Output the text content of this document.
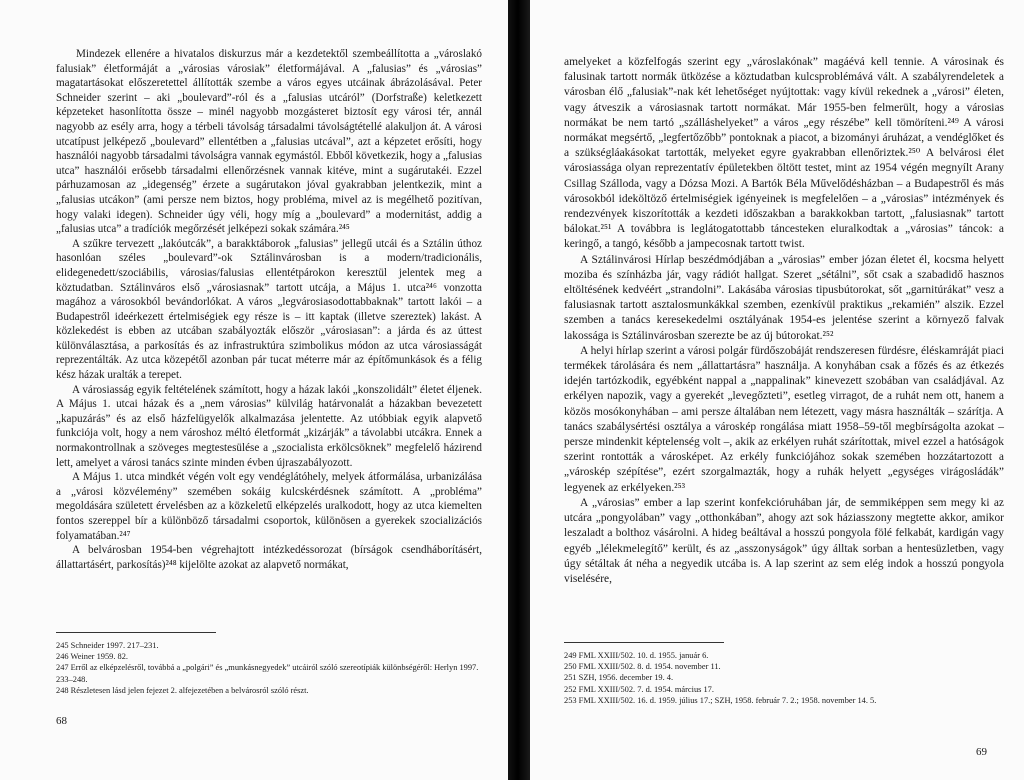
Mindezek ellenére a hivatalos diskurzus már a kezdetektől szembeállította a „városlakó falusiak” életformáját a „városias városiak” életformájával. A „falusias” és „városias” magatartásokat előszeretettel állították szembe a város egyes utcáinak ábrázolásával. Peter Schneider szerint – aki „boulevard”-ról és a „falusias utcáról” (Dorfstraße) keletkezett képzeteket hasonlította össze – minél nagyobb mozgásteret biztosít egy városi tér, annál nagyobb az esély arra, hogy a térbeli távolság társadalmi távolságtétellé alakuljon át. A városi utcatípust jelképező „boulevard” ellentétben a „falusias utcával”, azt a képzetet erősíti, hogy használói nagyobb társadalmi távolságra vannak egymástól. Ebből következik, hogy a „falusias utca” használói erősebb társadalmi ellenőrzésnek vannak kitéve, mint a sugárutakéi. Ezzel párhuzamosan az „idegenség” érzete a sugárutakon jóval gyakrabban jelentkezik, mint a „falusias utcákon” (ami persze nem biztos, hogy probléma, mivel az is megélhető pozitívan, hogy valaki idegen). Schneider úgy véli, hogy míg a „boulevard” a modernitást, addig a „falusias utca” a tradíciók megőrzését jelképezi sokak számára.²⁴⁵

A szűkre tervezett „lakóutcák”, a barakktáborok „falusias” jellegű utcái és a Sztálin úthoz hasonlóan széles „boulevard”-ok Sztálinvárosban is a modern/tradicionális, elidegenedett/szociábilis, városias/falusias ellentétpárokon keresztül jelentek meg a köztudatban. Sztálinváros első „városiasnak” tartott utcája, a Május 1. utca²⁴⁶ vonzotta magához a városokból bevándorlókat. A város „legvárosiasodottabbaknak” tartott lakói – a Budapestről ideérkezett értelmiségiek egy része is – itt kaptak (illetve szereztek) lakást. A közlekedést is ebben az utcában szabályozták először „városiasan”: a járda és az úttest különválasztása, a parkosítás és az infrastruktúra szimbolikus módon az utca városiasságát reprezentálták. Az utca közepétől azonban pár tucat méterre már az építőmunkások és a félig kész házak uralták a terepet.

A városiasság egyik feltételének számított, hogy a házak lakói „konszolidált” életet éljenek. A Május 1. utcai házak és a „nem városias” külvilág határvonalát a házakban bevezetett „kapuzárás” és az első házfelügyelők alkalmazása jelentette. Az utóbbiak egyik alapvető funkciója volt, hogy a nem városhoz méltó életformát „kizárják” a távolabbi utcákra. Ennek a normakontrollnak a szöveges megtestesülése a „szocialista erkölcsöknek” megfelelő házirend lett, amelyet a városi tanács szinte minden évben újraszabályozott.

A Május 1. utca mindkét végén volt egy vendéglátóhely, melyek átformálása, urbanizálása a „városi közvélemény” szemében sokáig kulcskérdésnek számított. A „probléma” megoldására született érvelésben az a közkeletű elképzelés uralkodott, hogy az utca kiemelten fontos szereppel bír a különböző társadalmi csoportok, különösen a gyerekek szocializációs folyamatában.²⁴⁷

A belvárosban 1954-ben végrehajtott intézkedéssorozat (bírságok csendháborításért, állattartásért, parkosítás)²⁴⁸ kijelölte azokat az alapvető normákat,

245 Schneider 1997. 217–231.
246 Weiner 1959. 82.
247 Erről az elképzelésről, továbbá a „polgári” és „munkásnegyedek” utcáiról szóló szereotípiák különbségéről: Herlyn 1997. 233–248.
248 Részletesen lásd jelen fejezet 2. alfejezetében a belvárosról szóló részt.
68

amelyeket a közfelfogás szerint egy „városlakónak” magáévá kell tennie. A városinak és falusinak tartott normák ütközése a köztudatban kulcsproblémává vált. A szabályrendeletek a városban élő „falusiak”-nak két lehetőséget nyújtottak: vagy kívül rekednek a „városi” életen, vagy átveszik a városiasnak tartott normákat. Már 1955-ben felmerült, hogy a városias normákat be nem tartó „szálláshelyeket” a város „egy részébe” kell tömöríteni.²⁴⁹ A városi normákat megsértő, „legfertőzőbb” pontoknak a piacot, a bizományi áruházat, a vendéglőket és a szükségláakásokat tartották, melyeket egyre gyakrabban ellenőriztek.²⁵⁰ A belvárosi élet városiassága olyan reprezentatív épületekben öltött testet, mint az 1954 végén megnyílt Arany Csillag Szálloda, vagy a Dózsa Mozi. A Bartók Béla Művelődésházban – a Budapestről és más városokból ideköltöző értelmiségiek igényeinek is megfelelően – a „városias” intézmények és rendezvények kiszorították a kezdeti időszakban a barakkokban tartott, „falusiasnak” tartott bálokat.²⁵¹ A továbbra is leglátogatottabb táncesteken eluralkodtak a „városias” táncok: a keringő, a tangó, később a jampecosnak tartott twist.

A Sztálinvárosi Hírlap beszédmódjában a „városias” ember józan életet él, kocsma helyett moziba és színházba jár, vagy rádiót hallgat. Szeret „sétálni”, sőt csak a szabadidő hasznos eltöltésének kedvéért „strandolni”. Lakásába városias tipusbútorokat, sőt „garnitúrákat” vesz a falusiasnak tartott asztalosmunkákkal szemben, ezenkívül praktikus „rekamién” alszik. Ezzel szemben a tanács keresekedelmi osztályának 1954-es jelentése szerint a környező falvak lakossága is Sztálinvárosban szerezte be az új bútorokat.²⁵²

A helyi hírlap szerint a városi polgár fürdőszobáját rendszeresen fürdésre, éléskamráját piaci termékek tárolására és nem „állattartásra” használja. A konyhában csak a főzés és az étkezés idején tartózkodik, egyébként nappal a „nappalinak” kinevezett szobában van családjával. Az erkélyen napozik, vagy a gyerekét „levegőzteti”, esetleg virragot, de a ruhát nem ott, hanem a közös mosókonyhában – ami persze általában nem létezett, vagy másra használták – szárítja. A tanács szabálysértési osztálya a városkép rongálása miatt 1958–59-től megbírságolta azokat – persze mindenkit képtelenség volt –, akik az erkélyen ruhát szárítottak, mivel ezzel a hatóságok szerint rontották a városképet. Az erkély funkciójához sokak szemében hozzátartozott a „városkép szépítése”, ezért szorgalmazták, hogy a ruhák helyett „egységes virágosládák” legyenek az erkélyeken.²⁵³

A „városias” ember a lap szerint konfekcióruhában jár, de semmiképpen sem megy ki az utcára „pongyolában” vagy „otthonkában”, ahogy azt sok háziasszony megtette akkor, amikor leszaladt a bolthoz vásárolni. A hideg beáltával a hosszú pongyola fölé felkabát, kardigán vagy egyéb „lélekmelegítő” került, és az „asszonyságok” úgy álltak sorban a hentesüzletben, vagy úgy sétáltak át néha a negyedik utcába is. A lap szerint az sem elég indok a hosszú pongyola viselésére,

249 FML XXIII/502. 10. d. 1955. január 6.
250 FML XXIII/502. 8. d. 1954. november 11.
251 SZH, 1956. december 19. 4.
252 FML XXIII/502. 7. d. 1954. március 17.
253 FML XXIII/502. 16. d. 1959. július 17.; SZH, 1958. február 7. 2.; 1958. november 14. 5.
69
